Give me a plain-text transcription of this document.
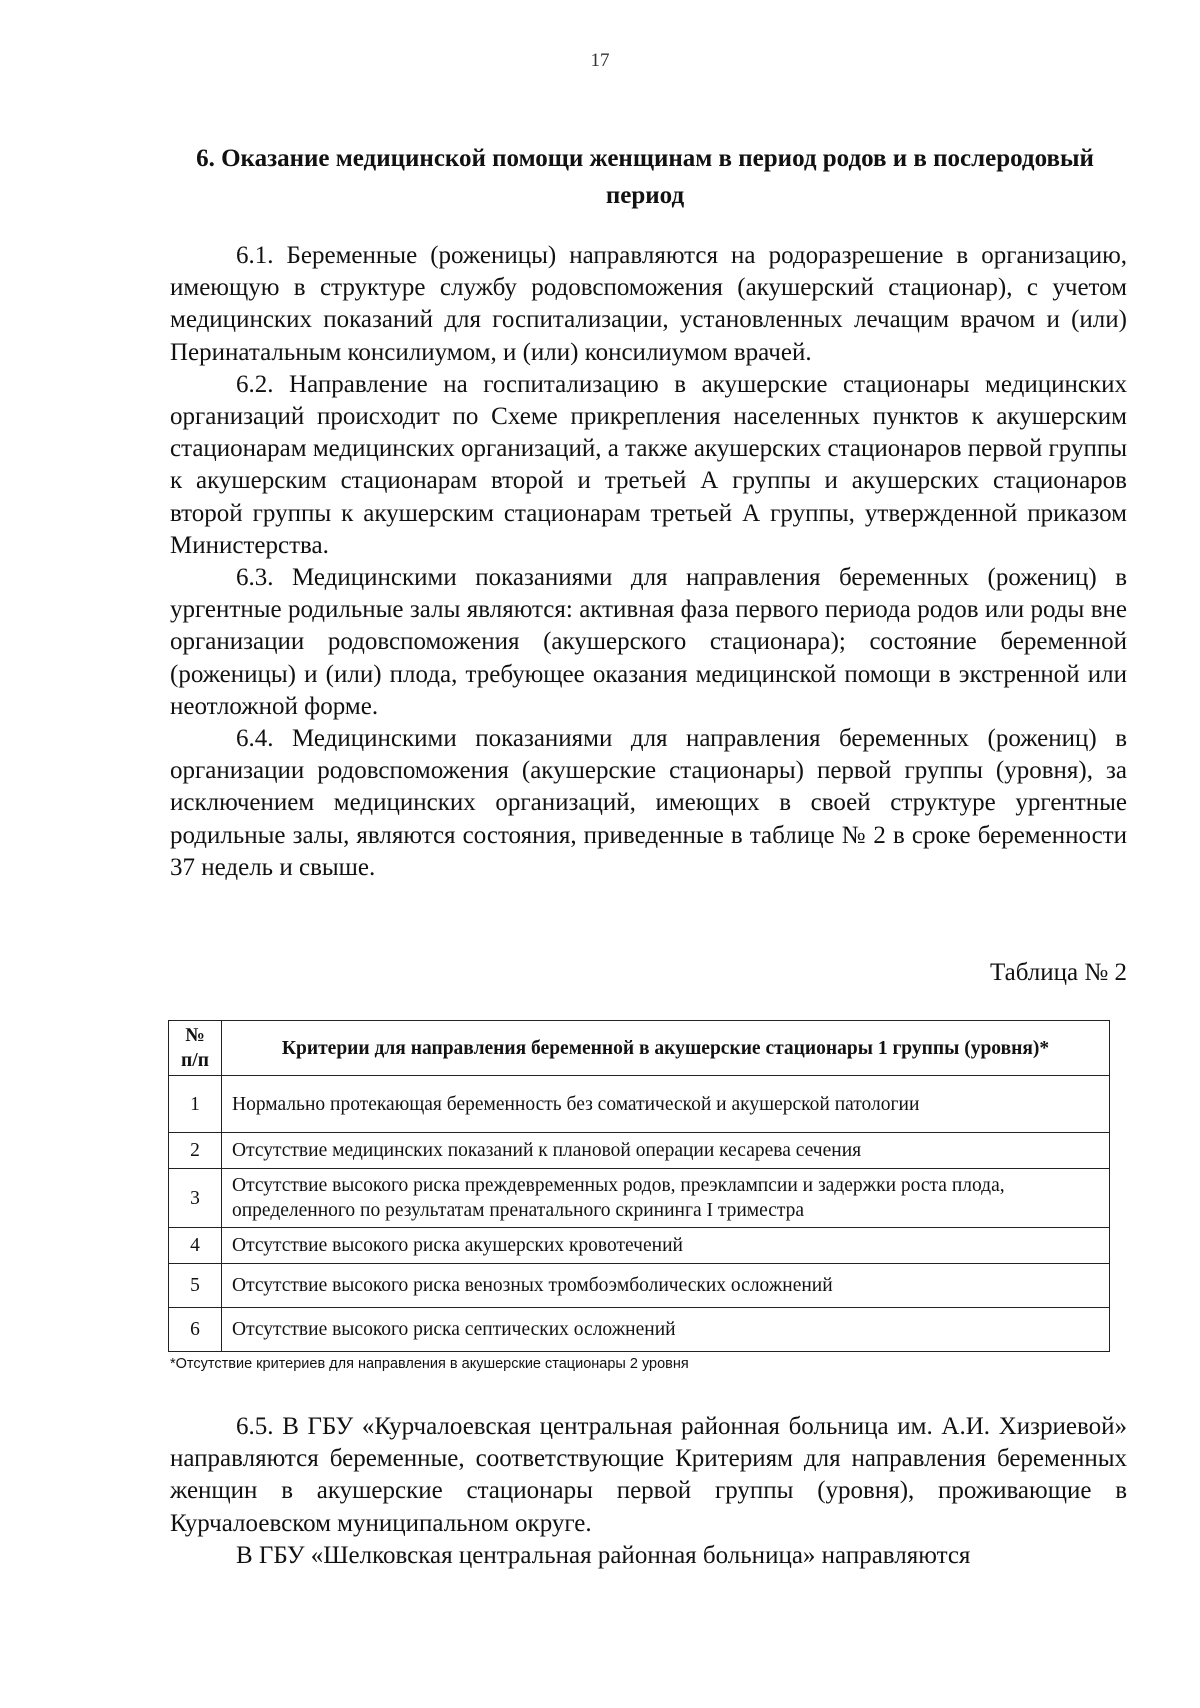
17
6. Оказание медицинской помощи женщинам в период родов и в послеродовый период

6.1. Беременные (роженицы) направляются на родоразрешение в организацию, имеющую в структуре службу родовспоможения (акушерский стационар), с учетом медицинских показаний для госпитализации, установленных лечащим врачом и (или) Перинатальным консилиумом, и (или) консилиумом врачей.

6.2. Направление на госпитализацию в акушерские стационары медицинских организаций происходит по Схеме прикрепления населенных пунктов к акушерским стационарам медицинских организаций, а также акушерских стационаров первой группы к акушерским стационарам второй и третьей А группы и акушерских стационаров второй группы к акушерским стационарам третьей А группы, утвержденной приказом Министерства.

6.3. Медицинскими показаниями для направления беременных (рожениц) в ургентные родильные залы являются: активная фаза первого периода родов или роды вне организации родовспоможения (акушерского стационара); состояние беременной (роженицы) и (или) плода, требующее оказания медицинской помощи в экстренной или неотложной форме.

6.4. Медицинскими показаниями для направления беременных (рожениц) в организации родовспоможения (акушерские стационары) первой группы (уровня), за исключением медицинских организаций, имеющих в своей структуре ургентные родильные залы, являются состояния, приведенные в таблице № 2 в сроке беременности 37 недель и свыше.

Таблица № 2
№ п/п	Критерии для направления беременной в акушерские стационары 1 группы (уровня)*
1	Нормально протекающая беременность без соматической и акушерской патологии
2	Отсутствие медицинских показаний к плановой операции кесарева сечения
3	Отсутствие высокого риска преждевременных родов, преэклампсии и задержки роста плода, определенного по результатам пренатального скрининга I триместра
4	Отсутствие высокого риска акушерских кровотечений
5	Отсутствие высокого риска венозных тромбоэмболических осложнений
6	Отсутствие высокого риска септических осложнений
*Отсутствие критериев для направления в акушерские стационары 2 уровня

6.5. В ГБУ «Курчалоевская центральная районная больница им. А.И. Хизриевой» направляются беременные, соответствующие Критериям для направления беременных женщин в акушерские стационары первой группы (уровня), проживающие в Курчалоевском муниципальном округе.

В ГБУ «Шелковская центральная районная больница» направляются
